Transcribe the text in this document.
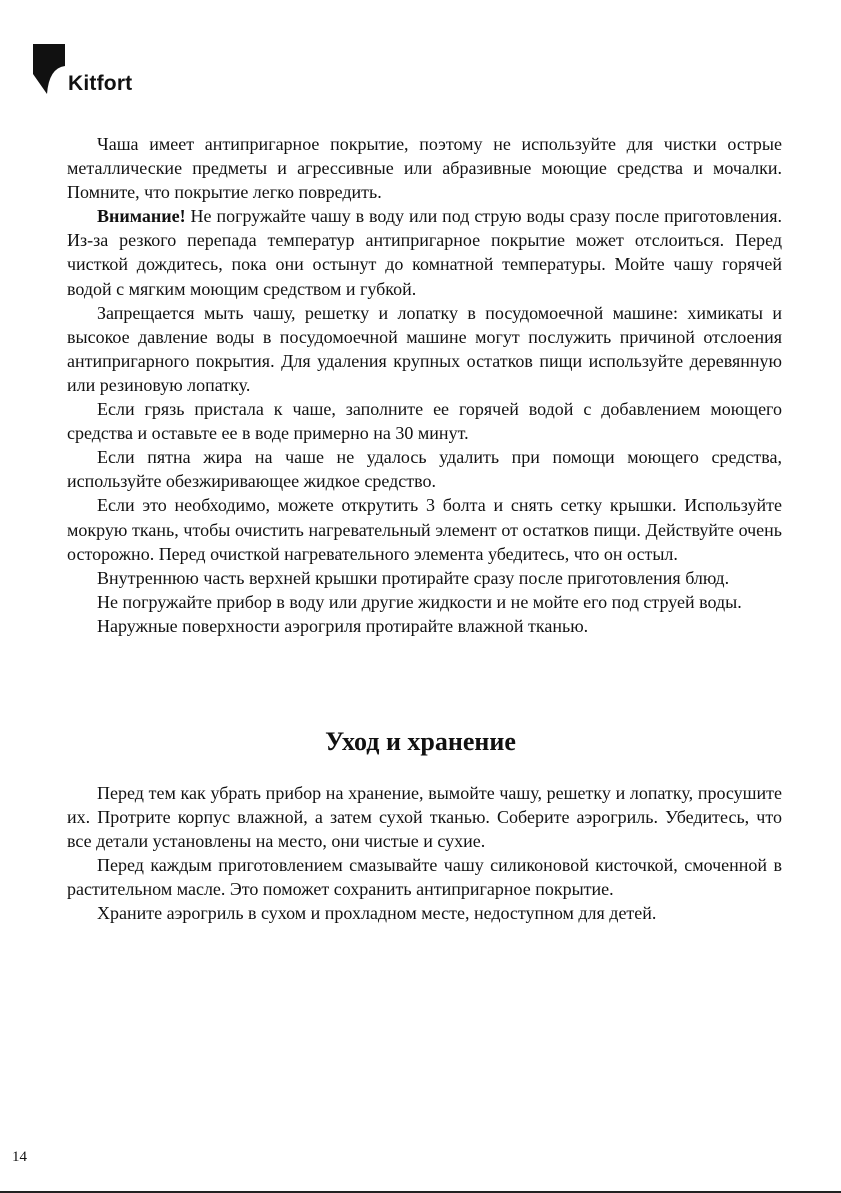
Kitfort

Чаша имеет антипригарное покрытие, поэтому не используйте для чистки острые металлические предметы и агрессивные или абразивные моющие средства и мочалки. Помните, что покрытие легко повредить.

Внимание! Не погружайте чашу в воду или под струю воды сразу после приготовления. Из-за резкого перепада температур антипригарное покрытие может отслоиться. Перед чисткой дождитесь, пока они остынут до комнатной температуры. Мойте чашу горячей водой с мягким моющим средством и губкой.

Запрещается мыть чашу, решетку и лопатку в посудомоечной машине: химикаты и высокое давление воды в посудомоечной машине могут послужить причиной отслоения антипригарного покрытия. Для удаления крупных остатков пищи используйте деревянную или резиновую лопатку.

Если грязь пристала к чаше, заполните ее горячей водой с добавлением моющего средства и оставьте ее в воде примерно на 30 минут.

Если пятна жира на чаше не удалось удалить при помощи моющего средства, используйте обезжиривающее жидкое средство.

Если это необходимо, можете открутить 3 болта и снять сетку крышки. Используйте мокрую ткань, чтобы очистить нагревательный элемент от остатков пищи. Действуйте очень осторожно. Перед очисткой нагревательного элемента убедитесь, что он остыл.

Внутреннюю часть верхней крышки протирайте сразу после приготовления блюд.

Не погружайте прибор в воду или другие жидкости и не мойте его под струей воды.

Наружные поверхности аэрогриля протирайте влажной тканью.

Уход и хранение

Перед тем как убрать прибор на хранение, вымойте чашу, решетку и лопатку, просушите их. Протрите корпус влажной, а затем сухой тканью. Соберите аэрогриль. Убедитесь, что все детали установлены на место, они чистые и сухие.

Перед каждым приготовлением смазывайте чашу силиконовой кисточкой, смоченной в растительном масле. Это поможет сохранить антипригарное покрытие.

Храните аэрогриль в сухом и прохладном месте, недоступном для детей.

14
